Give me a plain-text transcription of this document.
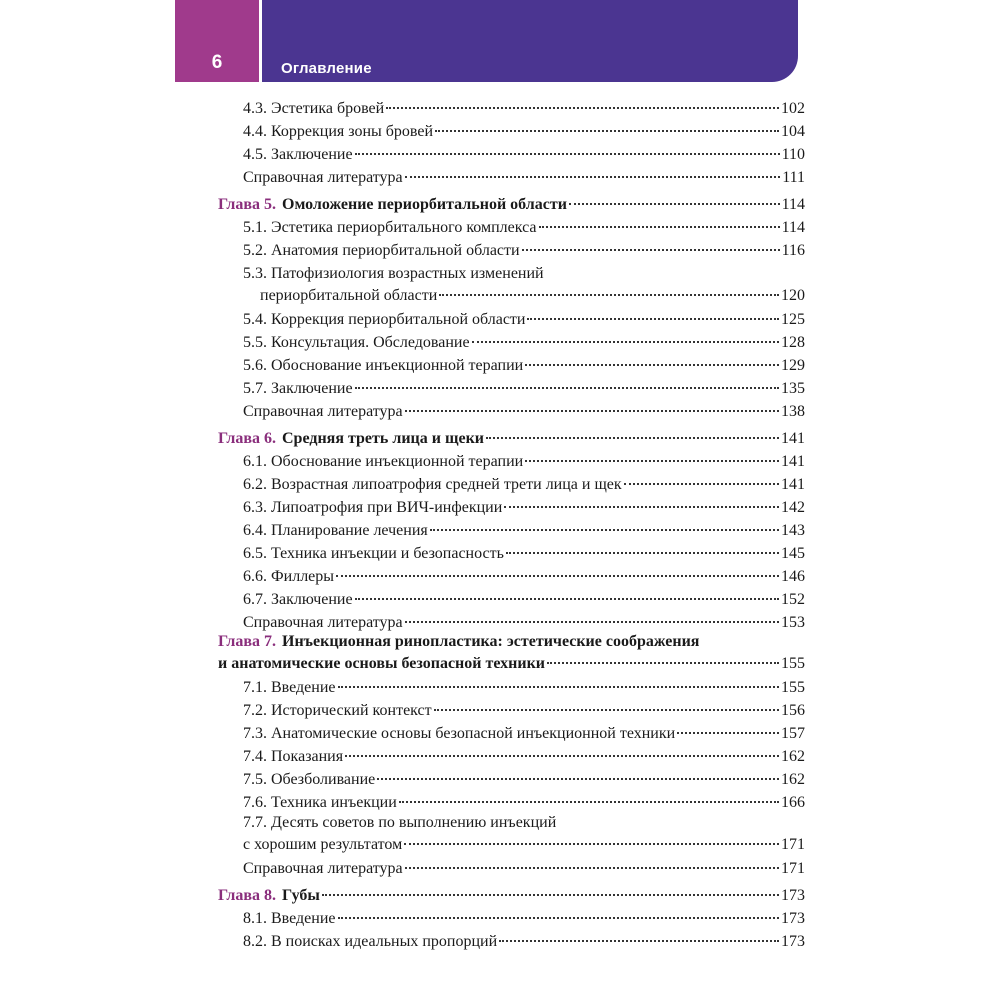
6	Оглавление
4.3. Эстетика бровей	102
4.4. Коррекция зоны бровей	104
4.5. Заключение	110
Справочная литература	111
Глава 5. Омоложение периорбитальной области	114
5.1. Эстетика периорбитального комплекса	114
5.2. Анатомия периорбитальной области	116
5.3. Патофизиология возрастных изменений
периорбитальной области	120
5.4. Коррекция периорбитальной области	125
5.5. Консультация. Обследование	128
5.6. Обоснование инъекционной терапии	129
5.7. Заключение	135
Справочная литература	138
Глава 6. Средняя треть лица и щеки	141
6.1. Обоснование инъекционной терапии	141
6.2. Возрастная липоатрофия средней трети лица и щек	141
6.3. Липоатрофия при ВИЧ-инфекции	142
6.4. Планирование лечения	143
6.5. Техника инъекции и безопасность	145
6.6. Филлеры	146
6.7. Заключение	152
Справочная литература	153
Глава 7. Инъекционная ринопластика: эстетические соображения
и анатомические основы безопасной техники	155
7.1. Введение	155
7.2. Исторический контекст	156
7.3. Анатомические основы безопасной инъекционной техники	157
7.4. Показания	162
7.5. Обезболивание	162
7.6. Техника инъекции	166
7.7. Десять советов по выполнению инъекций
с хорошим результатом	171
Справочная литература	171
Глава 8. Губы	173
8.1. Введение	173
8.2. В поисках идеальных пропорций	173
